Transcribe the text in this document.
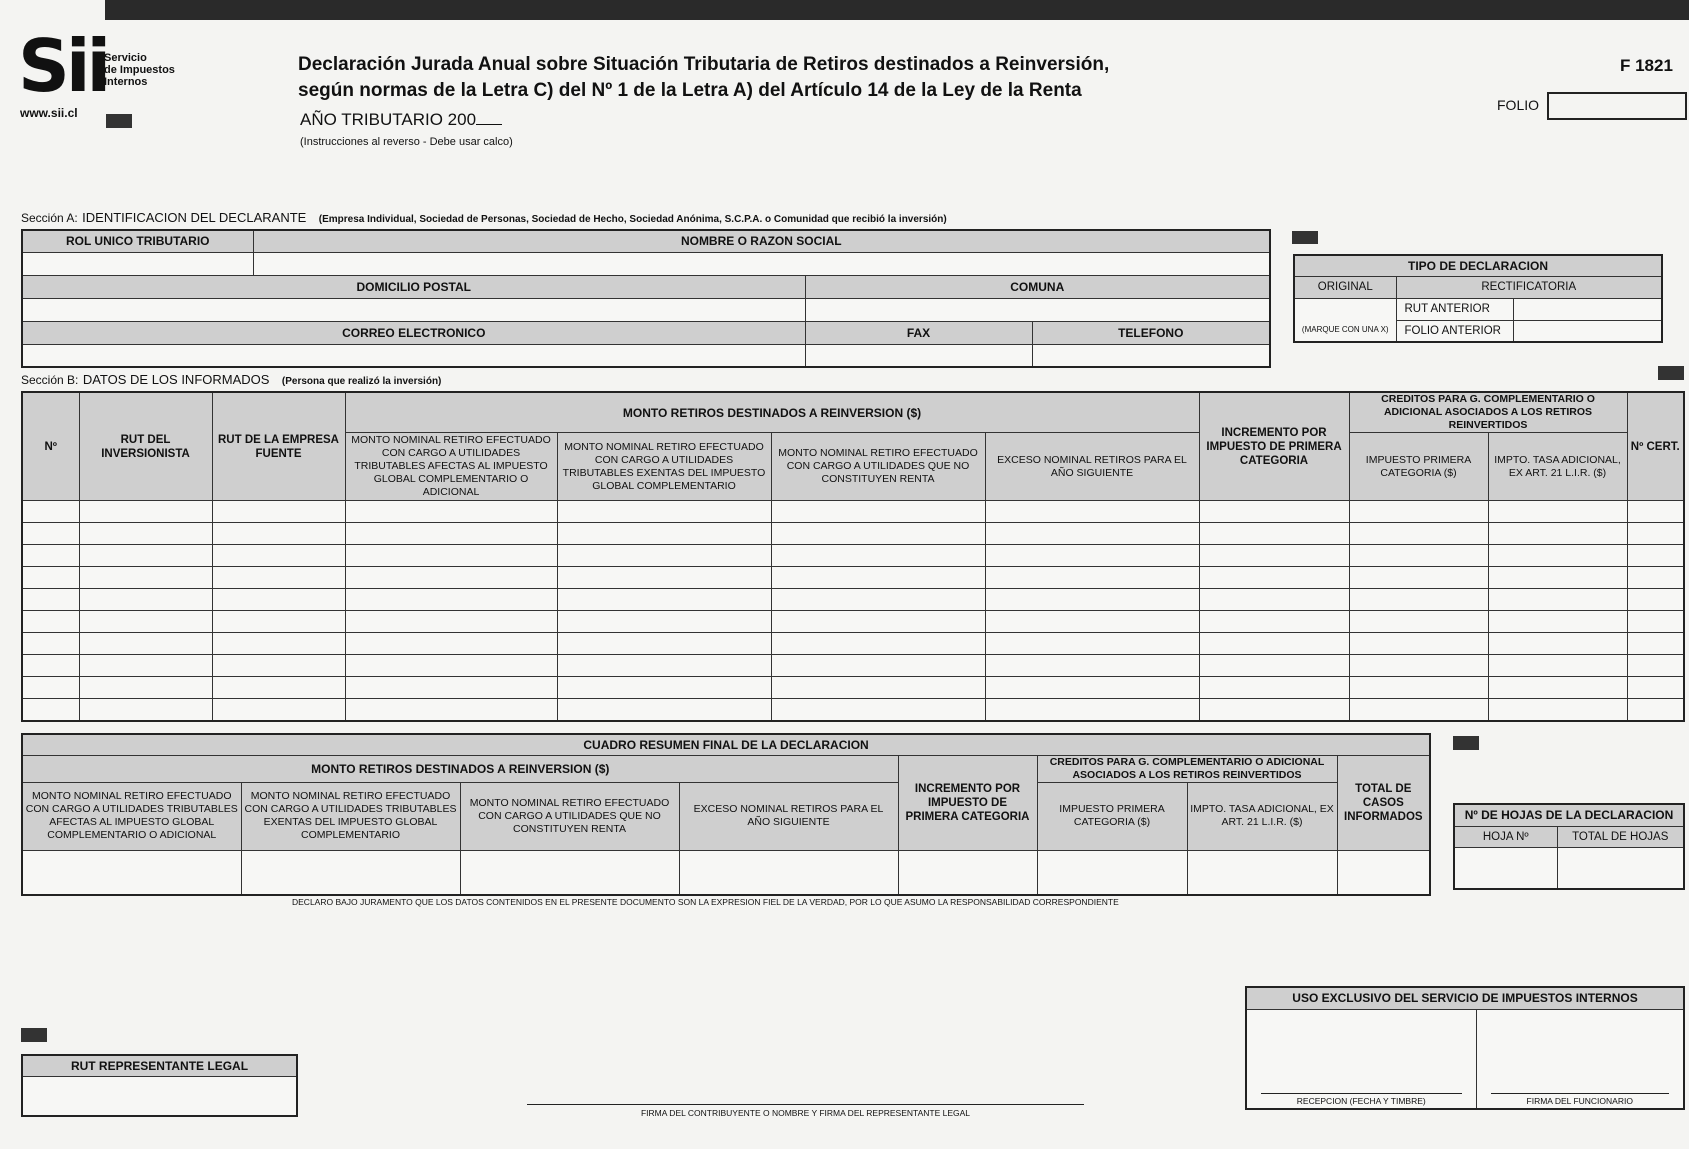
Sii
Servicio
de Impuestos
Internos
www.sii.cl
Declaración Jurada Anual sobre Situación Tributaria de Retiros destinados a Reinversión,
según normas de la Letra C) del Nº 1 de la Letra A) del Artículo 14 de la Ley de la Renta
AÑO TRIBUTARIO 200
(Instrucciones al reverso - Debe usar calco)
F 1821
FOLIO
Sección A: IDENTIFICACION DEL DECLARANTE (Empresa Individual, Sociedad de Personas, Sociedad de Hecho, Sociedad Anónima, S.C.P.A. o Comunidad que recibió la inversión)
ROL UNICO TRIBUTARIO	NOMBRE O RAZON SOCIAL		

DOMICILIO POSTAL		COMUNA	

CORREO ELECTRONICO		FAX	TELEFONO

TIPO DE DECLARACION		
ORIGINAL	RECTIFICATORIA	
(MARQUE CON UNA X)	RUT ANTERIOR	
	FOLIO ANTERIOR	
Sección B: DATOS DE LOS INFORMADOS (Persona que realizó la inversión)
Nº	RUT DEL INVERSIONISTA	RUT DE LA EMPRESA FUENTE	MONTO RETIROS DESTINADOS A REINVERSION ($)				INCREMENTO POR IMPUESTO DE PRIMERA CATEGORIA	CREDITOS PARA G. COMPLEMENTARIO O ADICIONAL ASOCIADOS A LOS RETIROS REINVERTIDOS		Nº CERT.
			MONTO NOMINAL RETIRO EFECTUADO CON CARGO A UTILIDADES TRIBUTABLES AFECTAS AL IMPUESTO GLOBAL COMPLEMENTARIO O ADICIONAL	MONTO NOMINAL RETIRO EFECTUADO CON CARGO A UTILIDADES TRIBUTABLES EXENTAS DEL IMPUESTO GLOBAL COMPLEMENTARIO	MONTO NOMINAL RETIRO EFECTUADO CON CARGO A UTILIDADES QUE NO CONSTITUYEN RENTA	EXCESO NOMINAL RETIROS PARA EL AÑO SIGUIENTE		IMPUESTO PRIMERA CATEGORIA ($)	IMPTO. TASA ADICIONAL, EX ART. 21 L.I.R. ($)	

CUADRO RESUMEN FINAL DE LA DECLARACION							
MONTO RETIROS DESTINADOS A REINVERSION ($)				INCREMENTO POR IMPUESTO DE PRIMERA CATEGORIA	CREDITOS PARA G. COMPLEMENTARIO O ADICIONAL ASOCIADOS A LOS RETIROS REINVERTIDOS		TOTAL DE CASOS INFORMADOS
MONTO NOMINAL RETIRO EFECTUADO CON CARGO A UTILIDADES TRIBUTABLES AFECTAS AL IMPUESTO GLOBAL COMPLEMENTARIO O ADICIONAL	MONTO NOMINAL RETIRO EFECTUADO CON CARGO A UTILIDADES TRIBUTABLES EXENTAS DEL IMPUESTO GLOBAL COMPLEMENTARIO	MONTO NOMINAL RETIRO EFECTUADO CON CARGO A UTILIDADES QUE NO CONSTITUYEN RENTA	EXCESO NOMINAL RETIROS PARA EL AÑO SIGUIENTE		IMPUESTO PRIMERA CATEGORIA ($)	IMPTO. TASA ADICIONAL, EX ART. 21 L.I.R. ($)	
								Nº DE HOJAS DE LA DECLARACION	
HOJA Nº	TOTAL DE HOJAS

DECLARO BAJO JURAMENTO QUE LOS DATOS CONTENIDOS EN EL PRESENTE DOCUMENTO SON LA EXPRESION FIEL DE LA VERDAD, POR LO QUE ASUMO LA RESPONSABILIDAD CORRESPONDIENTE
RUT REPRESENTANTE LEGAL

FIRMA DEL CONTRIBUYENTE O NOMBRE Y FIRMA DEL REPRESENTANTE LEGAL
USO EXCLUSIVO DEL SERVICIO DE IMPUESTOS INTERNOS

RECEPCION (FECHA Y TIMBRE)	FIRMA DEL FUNCIONARIO
